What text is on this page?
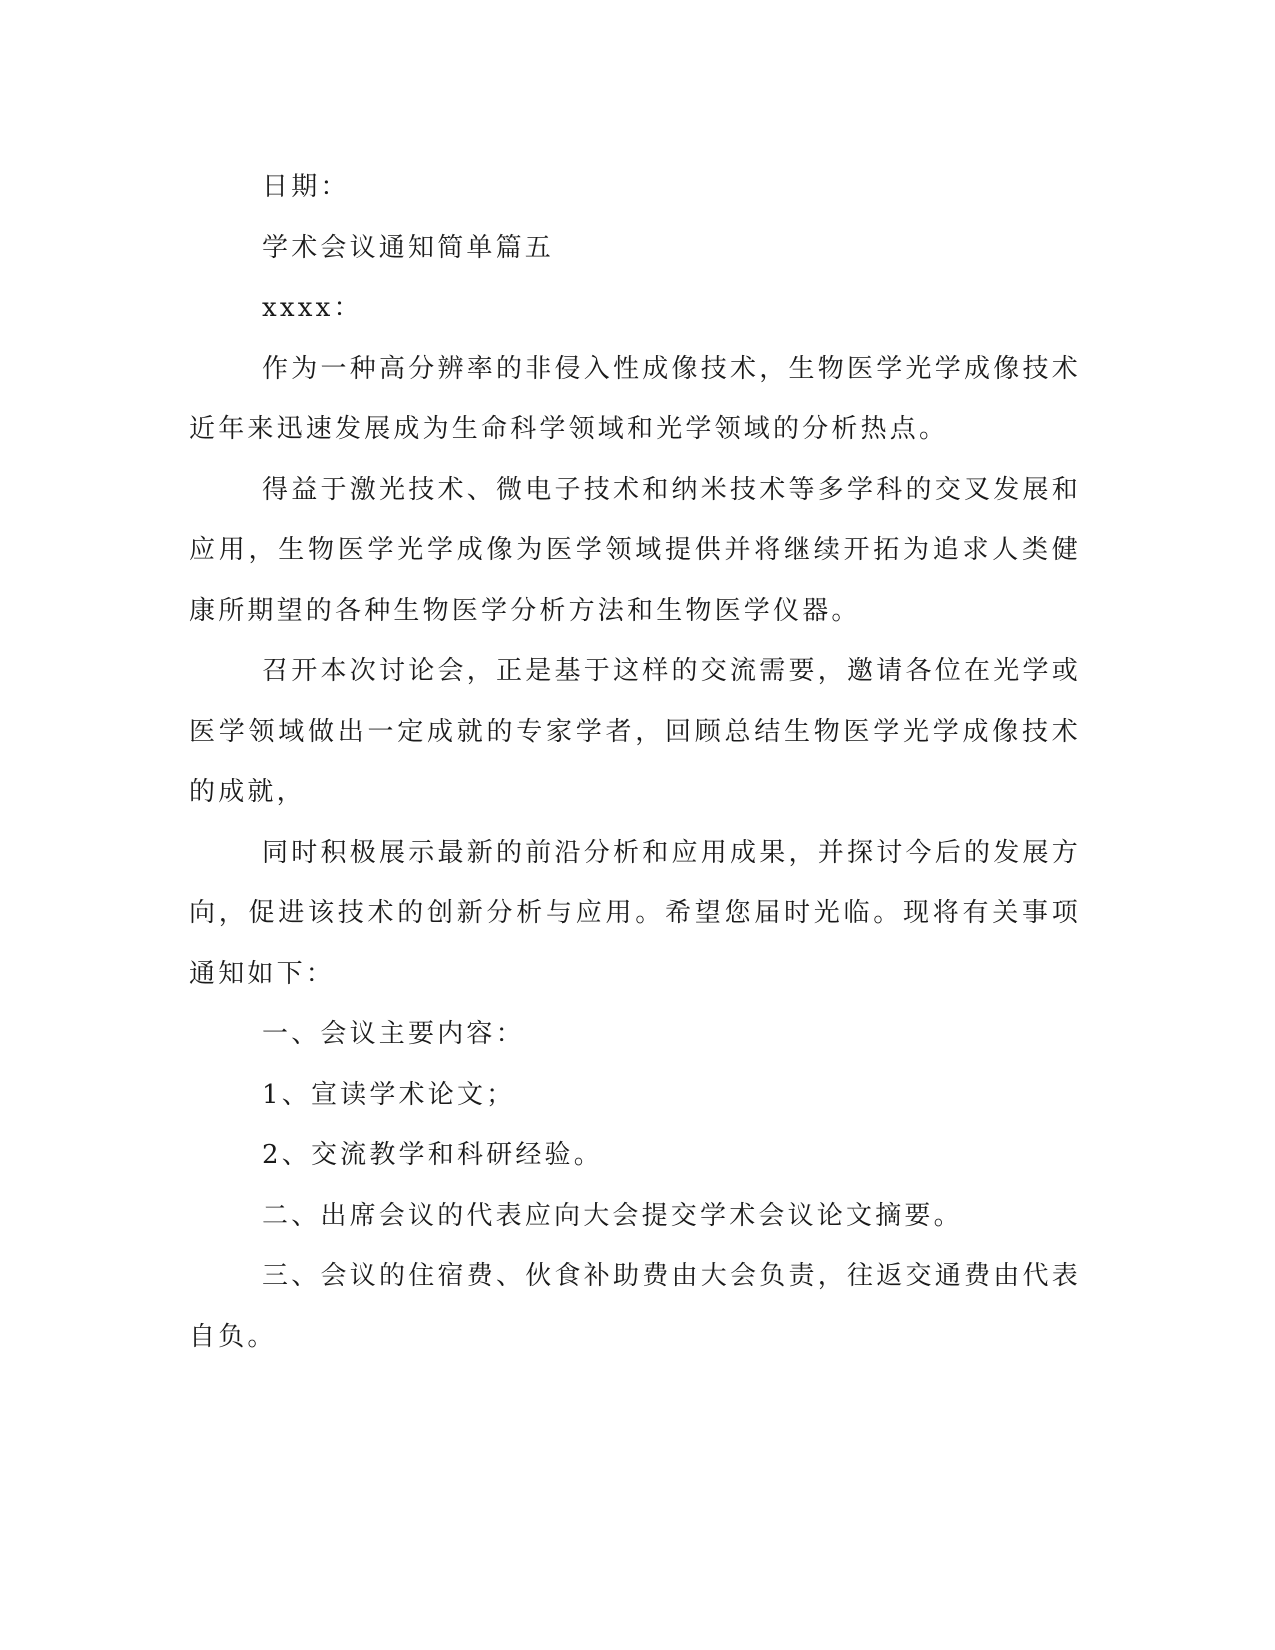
日期：

学术会议通知简单篇五

xxxx：

作为一种高分辨率的非侵入性成像技术，生物医学光学成像技术近年来迅速发展成为生命科学领域和光学领域的分析热点。

得益于激光技术、微电子技术和纳米技术等多学科的交叉发展和应用，生物医学光学成像为医学领域提供并将继续开拓为追求人类健康所期望的各种生物医学分析方法和生物医学仪器。

召开本次讨论会，正是基于这样的交流需要，邀请各位在光学或医学领域做出一定成就的专家学者，回顾总结生物医学光学成像技术的成就，

同时积极展示最新的前沿分析和应用成果，并探讨今后的发展方向，促进该技术的创新分析与应用。希望您届时光临。现将有关事项通知如下：

一、会议主要内容：

1、宣读学术论文；

2、交流教学和科研经验。

二、出席会议的代表应向大会提交学术会议论文摘要。

三、会议的住宿费、伙食补助费由大会负责，往返交通费由代表自负。
